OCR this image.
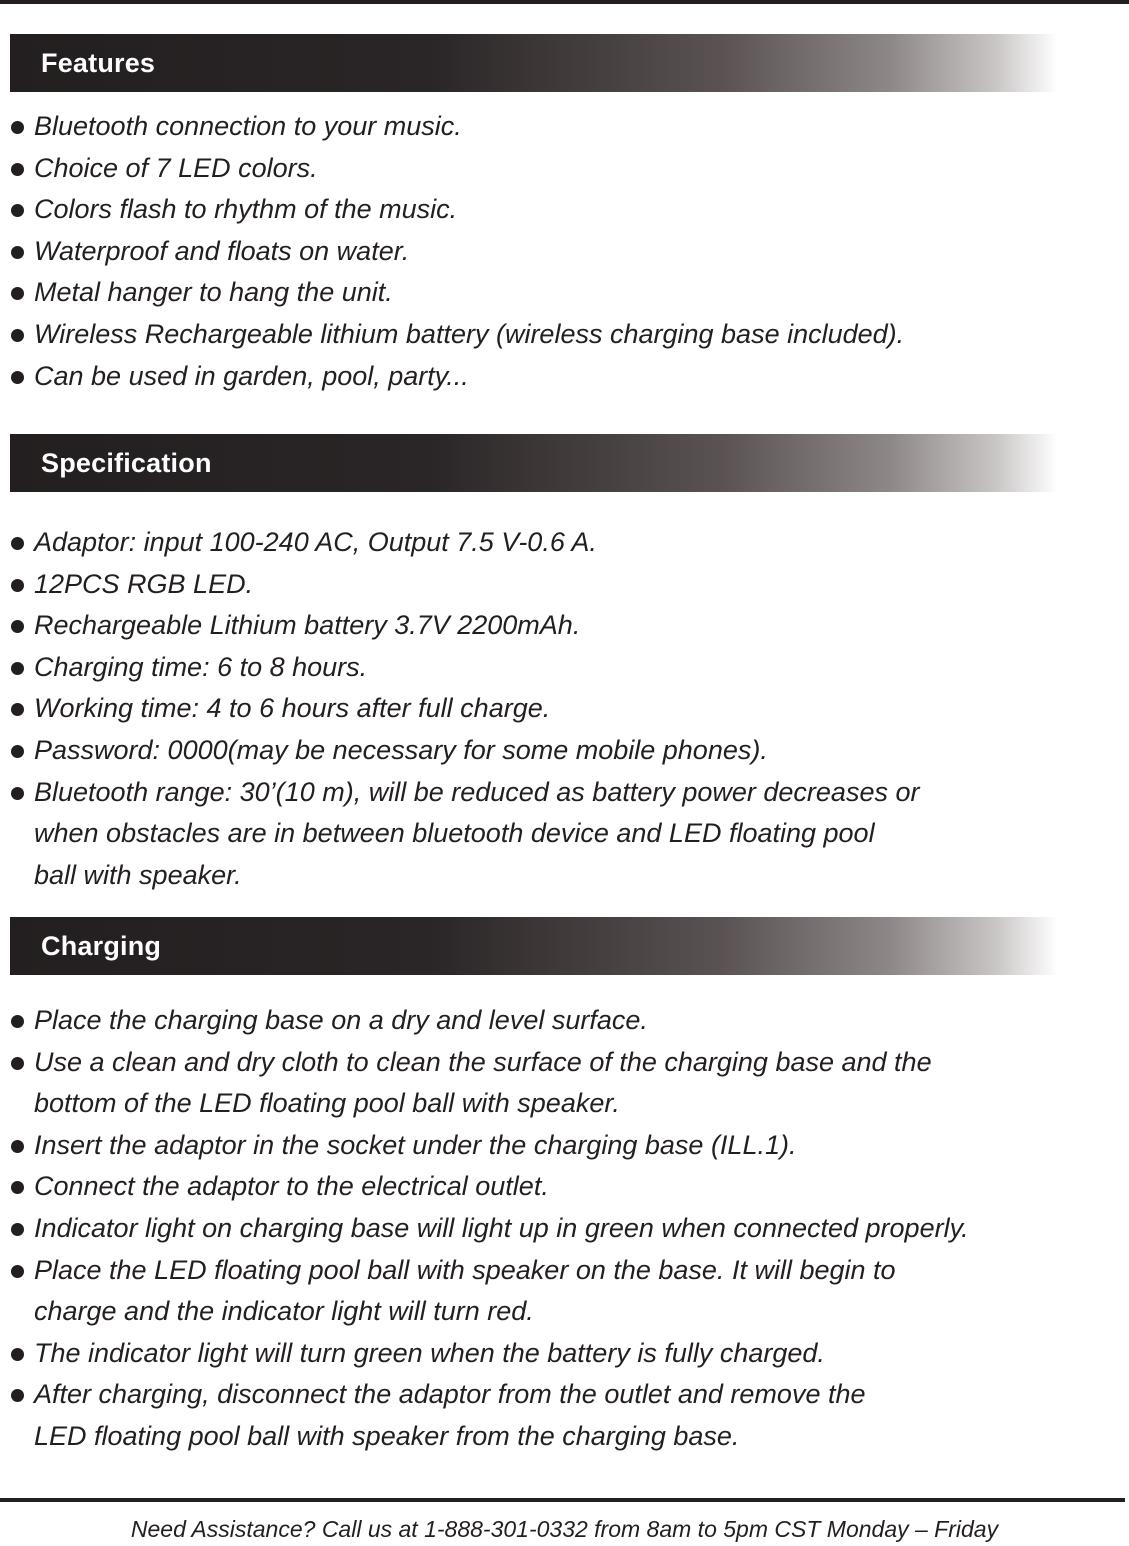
Features
Bluetooth connection to your music.
Choice of 7 LED colors.
Colors flash to rhythm of the music.
Waterproof and floats on water.
Metal hanger to hang the unit.
Wireless Rechargeable lithium battery (wireless charging base included).
Can be used in garden, pool, party...
Specification
Adaptor: input 100-240 AC, Output 7.5 V-0.6 A.
12PCS RGB LED.
Rechargeable Lithium battery 3.7V 2200mAh.
Charging time: 6 to 8 hours.
Working time: 4 to 6 hours after full charge.
Password: 0000(may be necessary for some mobile phones).
Bluetooth range: 30’(10 m), will be reduced as battery power decreases or
when obstacles are in between bluetooth device and LED floating pool
ball with speaker.
Charging
Place the charging base on a dry and level surface.
Use a clean and dry cloth to clean the surface of the charging base and the
bottom of the LED floating pool ball with speaker.
Insert the adaptor in the socket under the charging base (ILL.1).
Connect the adaptor to the electrical outlet.
Indicator light on charging base will light up in green when connected properly.
Place the LED floating pool ball with speaker on the base. It will begin to
charge and the indicator light will turn red.
The indicator light will turn green when the battery is fully charged.
After charging, disconnect the adaptor from the outlet and remove the
LED floating pool ball with speaker from the charging base.
Need Assistance? Call us at 1-888-301-0332 from 8am to 5pm CST Monday – Friday
